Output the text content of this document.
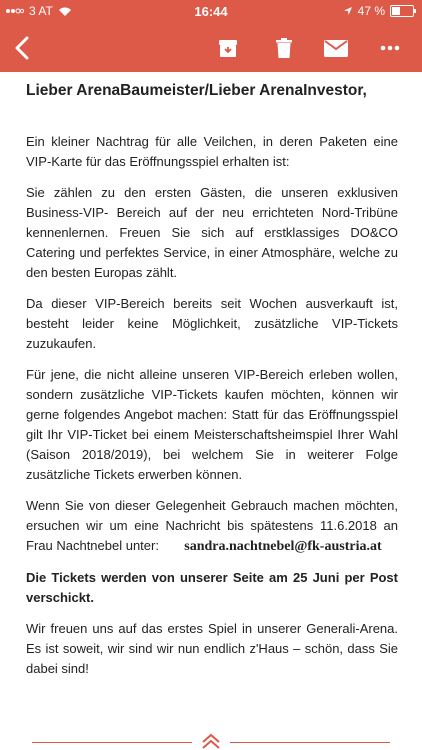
3 AT	16:44	47 %
Lieber ArenaBaumeister/Lieber ArenaInvestor,

Ein kleiner Nachtrag für alle Veilchen, in deren Paketen eine VIP-Karte für das Eröffnungsspiel erhalten ist:

Sie zählen zu den ersten Gästen, die unseren exklusiven Business-VIP- Bereich auf der neu errichteten Nord-Tribüne kennenlernen. Freuen Sie sich auf erstklassiges DO&CO Catering und perfektes Service, in einer Atmosphäre, welche zu den besten Europas zählt.

Da dieser VIP-Bereich bereits seit Wochen ausverkauft ist, besteht leider keine Möglichkeit, zusätzliche VIP-Tickets zuzukaufen.

Für jene, die nicht alleine unseren VIP-Bereich erleben wollen, sondern zusätzliche VIP-Tickets kaufen möchten, können wir gerne folgendes Angebot machen: Statt für das Eröffnungsspiel gilt Ihr VIP-Ticket bei einem Meisterschaftsheimspiel Ihrer Wahl (Saison 2018/2019), bei welchem Sie in weiterer Folge zusätzliche Tickets erwerben können.

Wenn Sie von dieser Gelegenheit Gebrauch machen möchten, ersuchen wir um eine Nachricht bis spätestens 11.6.2018 an Frau Nachtnebel unter: sandra.nachtnebel@fk-austria.at

Die Tickets werden von unserer Seite am 25 Juni per Post verschickt.

Wir freuen uns auf das erstes Spiel in unserer Generali-Arena. Es ist soweit, wir sind wir nun endlich z'Haus – schön, dass Sie dabei sind!
